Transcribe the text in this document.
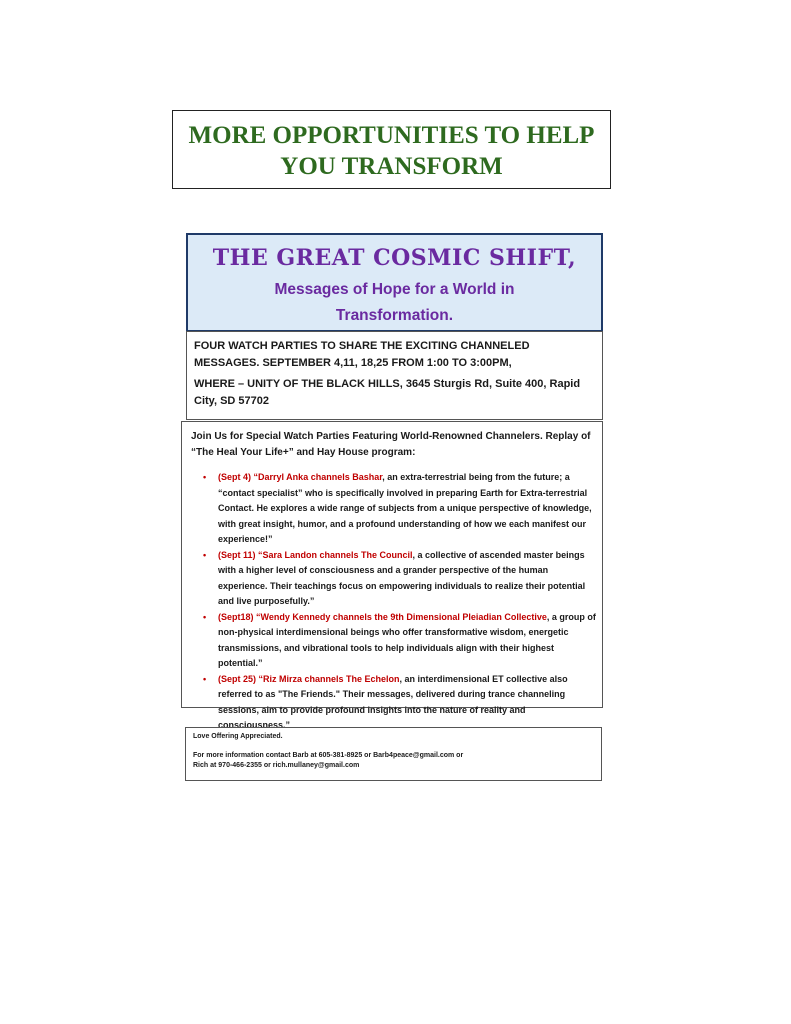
MORE OPPORTUNITIES TO HELP
YOU TRANSFORM
THE GREAT COSMIC SHIFT,
Messages of Hope for a World in
Transformation.

FOUR WATCH PARTIES TO SHARE THE EXCITING CHANNELED MESSAGES. SEPTEMBER 4,11, 18,25 FROM 1:00 TO 3:00PM,

WHERE – UNITY OF THE BLACK HILLS, 3645 Sturgis Rd, Suite 400, Rapid City, SD 57702

Join Us for Special Watch Parties Featuring World-Renowned Channelers. Replay of “The Heal Your Life+” and Hay House program:

• (Sept 4) “Darryl Anka channels Bashar, an extra-terrestrial being from the future; a “contact specialist” who is specifically involved in preparing Earth for Extra-terrestrial Contact. He explores a wide range of subjects from a unique perspective of knowledge, with great insight, humor, and a profound understanding of how we each manifest our experience!”
• (Sept 11) “Sara Landon channels The Council, a collective of ascended master beings with a higher level of consciousness and a grander perspective of the human experience. Their teachings focus on empowering individuals to realize their potential and live purposefully.”
• (Sept18) “Wendy Kennedy channels the 9th Dimensional Pleiadian Collective, a group of non-physical interdimensional beings who offer transformative wisdom, energetic transmissions, and vibrational tools to help individuals align with their highest potential.”
• (Sept 25) “Riz Mirza channels The Echelon, an interdimensional ET collective also referred to as "The Friends." Their messages, delivered during trance channeling sessions, aim to provide profound insights into the nature of reality and consciousness.”

Love Offering Appreciated.

For more information contact Barb at 605-381-8925 or Barb4peace@gmail.com or

Rich at 970-466-2355 or rich.mullaney@gmail.com
